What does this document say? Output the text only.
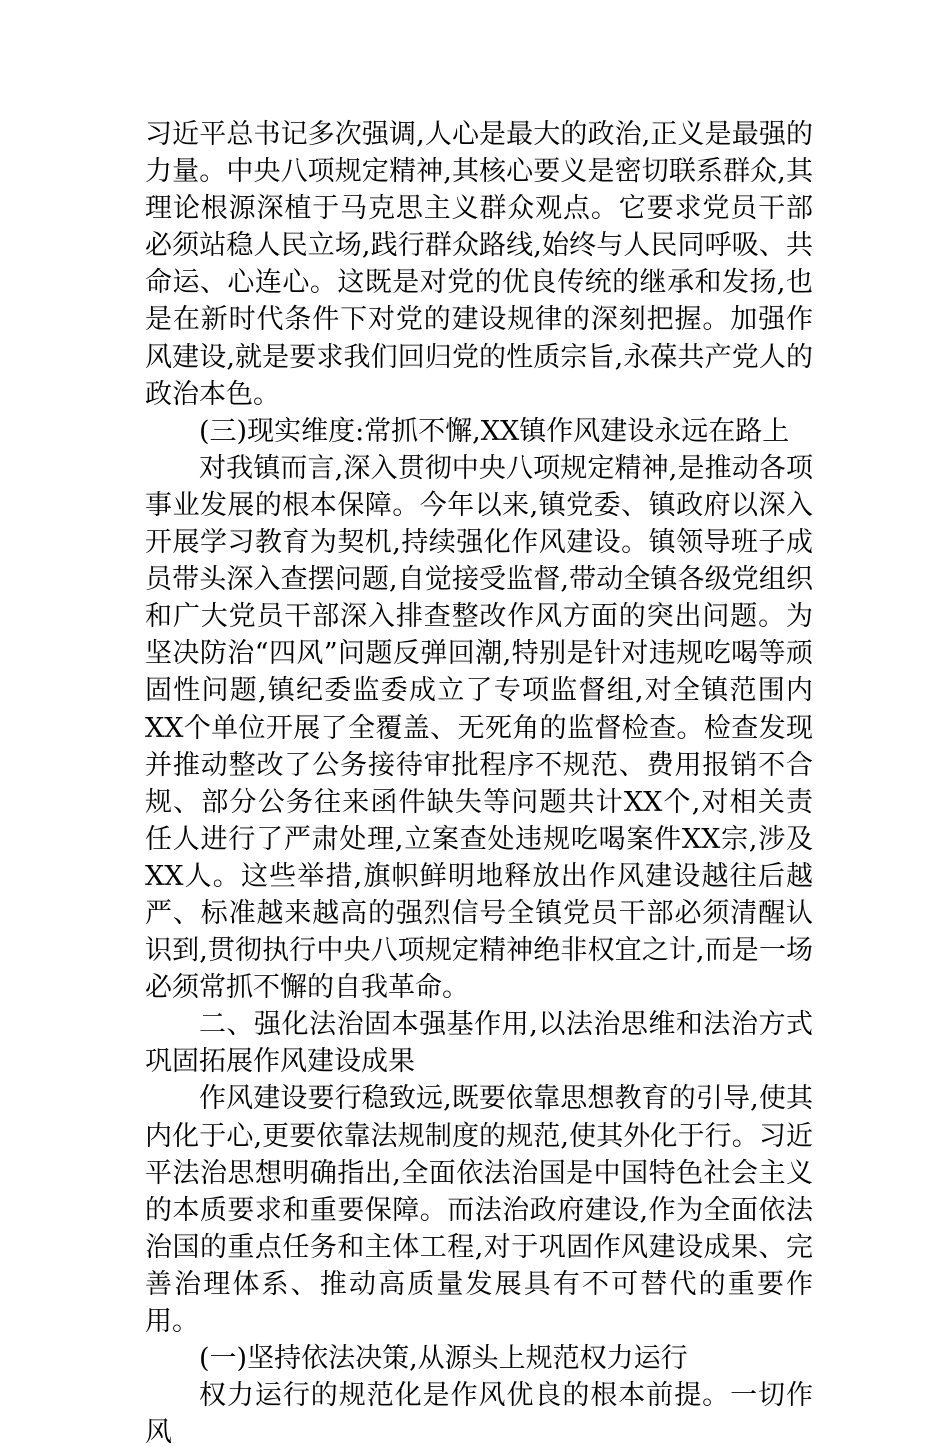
习近平总书记多次强调,人心是最大的政治,正义是最强的力量。中央八项规定精神,其核心要义是密切联系群众,其理论根源深植于马克思主义群众观点。它要求党员干部必须站稳人民立场,践行群众路线,始终与人民同呼吸、共命运、心连心。这既是对党的优良传统的继承和发扬,也是在新时代条件下对党的建设规律的深刻把握。加强作风建设,就是要求我们回归党的性质宗旨,永葆共产党人的政治本色。

(三)现实维度:常抓不懈,XX镇作风建设永远在路上

对我镇而言,深入贯彻中央八项规定精神,是推动各项事业发展的根本保障。今年以来,镇党委、镇政府以深入开展学习教育为契机,持续强化作风建设。镇领导班子成员带头深入查摆问题,自觉接受监督,带动全镇各级党组织和广大党员干部深入排查整改作风方面的突出问题。为坚决防治“四风”问题反弹回潮,特别是针对违规吃喝等顽固性问题,镇纪委监委成立了专项监督组,对全镇范围内XX个单位开展了全覆盖、无死角的监督检查。检查发现并推动整改了公务接待审批程序不规范、费用报销不合规、部分公务往来函件缺失等问题共计XX个,对相关责任人进行了严肃处理,立案查处违规吃喝案件XX宗,涉及XX人。这些举措,旗帜鲜明地释放出作风建设越往后越严、标准越来越高的强烈信号全镇党员干部必须清醒认识到,贯彻执行中央八项规定精神绝非权宜之计,而是一场必须常抓不懈的自我革命。

二、强化法治固本强基作用,以法治思维和法治方式巩固拓展作风建设成果

作风建设要行稳致远,既要依靠思想教育的引导,使其内化于心,更要依靠法规制度的规范,使其外化于行。习近平法治思想明确指出,全面依法治国是中国特色社会主义的本质要求和重要保障。而法治政府建设,作为全面依法治国的重点任务和主体工程,对于巩固作风建设成果、完善治理体系、推动高质量发展具有不可替代的重要作用。

(一)坚持依法决策,从源头上规范权力运行

权力运行的规范化是作风优良的根本前提。一切作风
